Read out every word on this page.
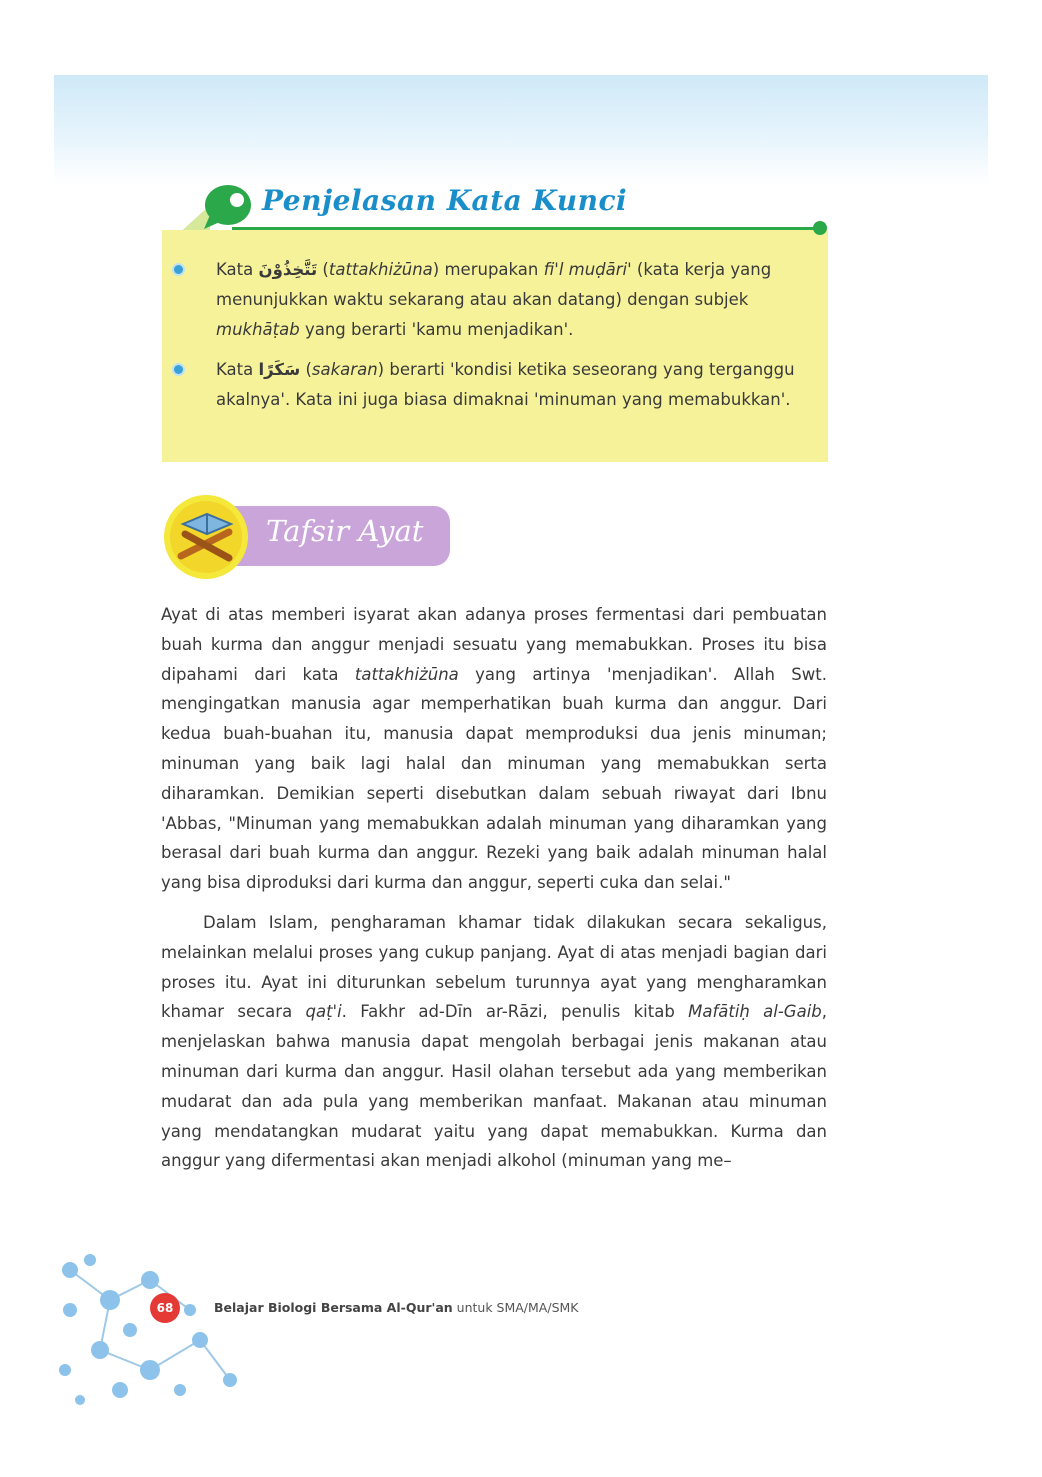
Penjelasan Kata Kunci
Kata تَتَّخِذُوْنَ (tattakhiżūna) merupakan fi'l muḍāri' (kata kerja yang menunjukkan waktu sekarang atau akan datang) dengan subjek mukhāṭab yang berarti 'kamu menjadikan'.
Kata سَكَرًا (sakaran) berarti 'kondisi ketika seseorang yang terganggu akalnya'. Kata ini juga biasa dimaknai 'minuman yang memabukkan'.
Tafsir Ayat

Ayat di atas memberi isyarat akan adanya proses fermentasi dari pembuatan buah kurma dan anggur menjadi sesuatu yang memabukkan. Proses itu bisa dipahami dari kata tattakhiżūna yang artinya 'menjadikan'. Allah Swt. mengingatkan manusia agar memperhatikan buah kurma dan anggur. Dari kedua buah-buahan itu, manusia dapat memproduksi dua jenis minuman; minuman yang baik lagi halal dan minuman yang memabukkan serta diharamkan. Demikian seperti disebutkan dalam sebuah riwayat dari Ibnu 'Abbas, "Minuman yang memabukkan adalah minuman yang diharamkan yang berasal dari buah kurma dan anggur. Rezeki yang baik adalah minuman halal yang bisa diproduksi dari kurma dan anggur, seperti cuka dan selai."

Dalam Islam, pengharaman khamar tidak dilakukan secara sekaligus, melainkan melalui proses yang cukup panjang. Ayat di atas menjadi bagian dari proses itu. Ayat ini diturunkan sebelum turunnya ayat yang mengharamkan khamar secara qaṭ'i. Fakhr ad-Dīn ar-Rāzi, penulis kitab Mafātiḥ al-Gaib, menjelaskan bahwa manusia dapat mengolah berbagai jenis makanan atau minuman dari kurma dan anggur. Hasil olahan tersebut ada yang memberikan mudarat dan ada pula yang memberikan manfaat. Makanan atau minuman yang mendatangkan mudarat yaitu yang dapat memabukkan. Kurma dan anggur yang difermentasi akan menjadi alkohol (minuman yang me–

68	Belajar Biologi Bersama Al-Qur'an untuk SMA/MA/SMK
